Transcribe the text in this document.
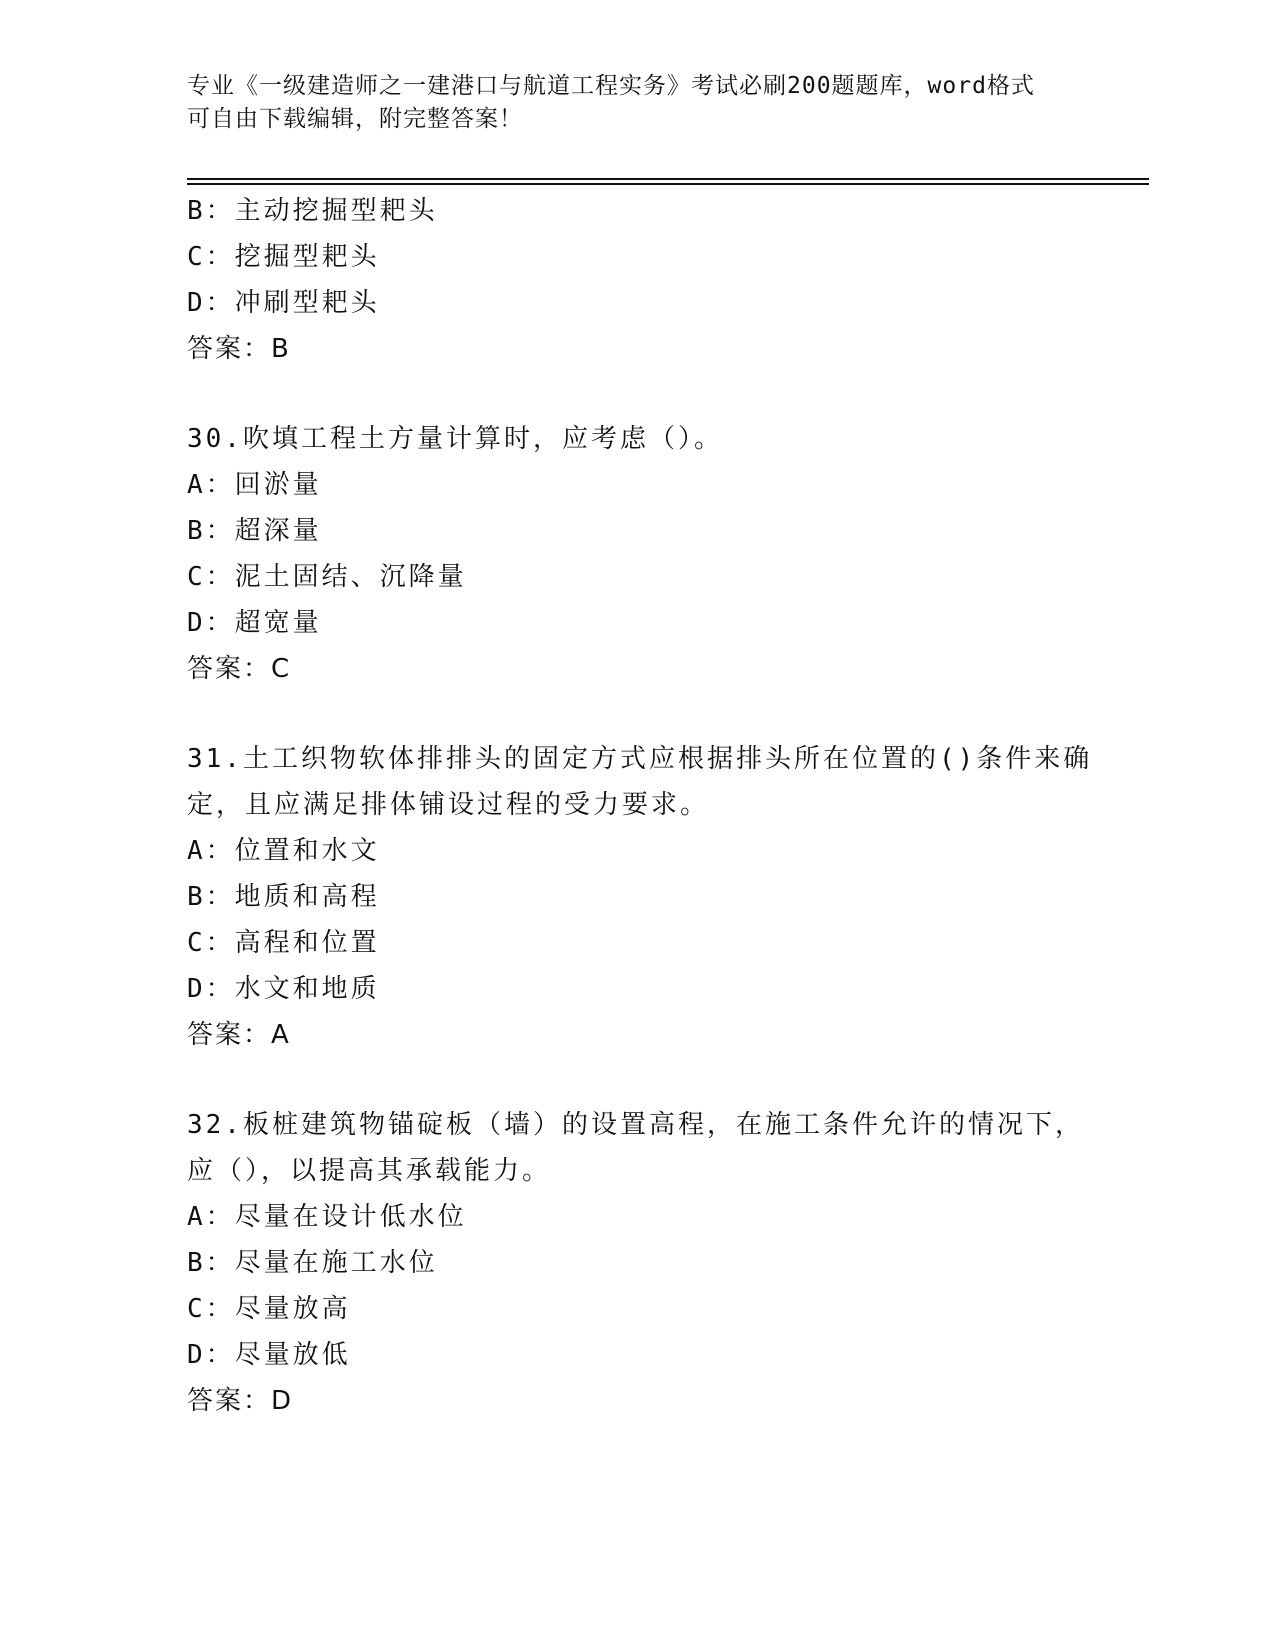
专业《一级建造师之一建港口与航道工程实务》考试必刷200题题库，word格式
可自由下载编辑，附完整答案！
B：主动挖掘型耙头
C：挖掘型耙头
D：冲刷型耙头
答案：B
30.吹填工程土方量计算时，应考虑（）。
A：回淤量
B：超深量
C：泥土固结、沉降量
D：超宽量
答案：C
31.土工织物软体排排头的固定方式应根据排头所在位置的()条件来确
定，且应满足排体铺设过程的受力要求。
A：位置和水文
B：地质和高程
C：高程和位置
D：水文和地质
答案：A
32.板桩建筑物锚碇板（墙）的设置高程，在施工条件允许的情况下，
应（），以提高其承载能力。
A：尽量在设计低水位
B：尽量在施工水位
C：尽量放高
D：尽量放低
答案：D
